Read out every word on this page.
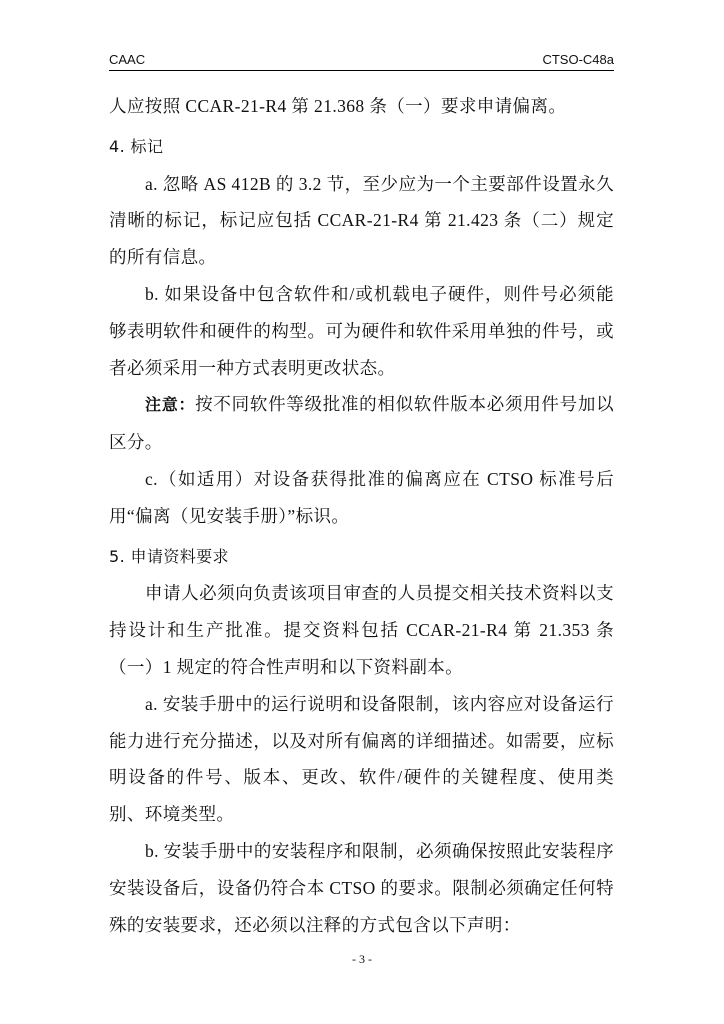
CAAC	CTSO-C48a

人应按照 CCAR-21-R4 第 21.368 条（一）要求申请偏离。

4. 标记

a. 忽略 AS 412B 的 3.2 节，至少应为一个主要部件设置永久清晰的标记，标记应包括 CCAR-21-R4 第 21.423 条（二）规定的所有信息。

b. 如果设备中包含软件和/或机载电子硬件，则件号必须能够表明软件和硬件的构型。可为硬件和软件采用单独的件号，或者必须采用一种方式表明更改状态。

注意：按不同软件等级批准的相似软件版本必须用件号加以区分。

c.（如适用）对设备获得批准的偏离应在 CTSO 标准号后用“偏离（见安装手册）”标识。

5. 申请资料要求

申请人必须向负责该项目审查的人员提交相关技术资料以支持设计和生产批准。提交资料包括 CCAR-21-R4 第 21.353 条（一）1 规定的符合性声明和以下资料副本。

a. 安装手册中的运行说明和设备限制，该内容应对设备运行能力进行充分描述，以及对所有偏离的详细描述。如需要，应标明设备的件号、版本、更改、软件/硬件的关键程度、使用类别、环境类型。

b. 安装手册中的安装程序和限制，必须确保按照此安装程序安装设备后，设备仍符合本 CTSO 的要求。限制必须确定任何特殊的安装要求，还必须以注释的方式包含以下声明：

- 3 -
